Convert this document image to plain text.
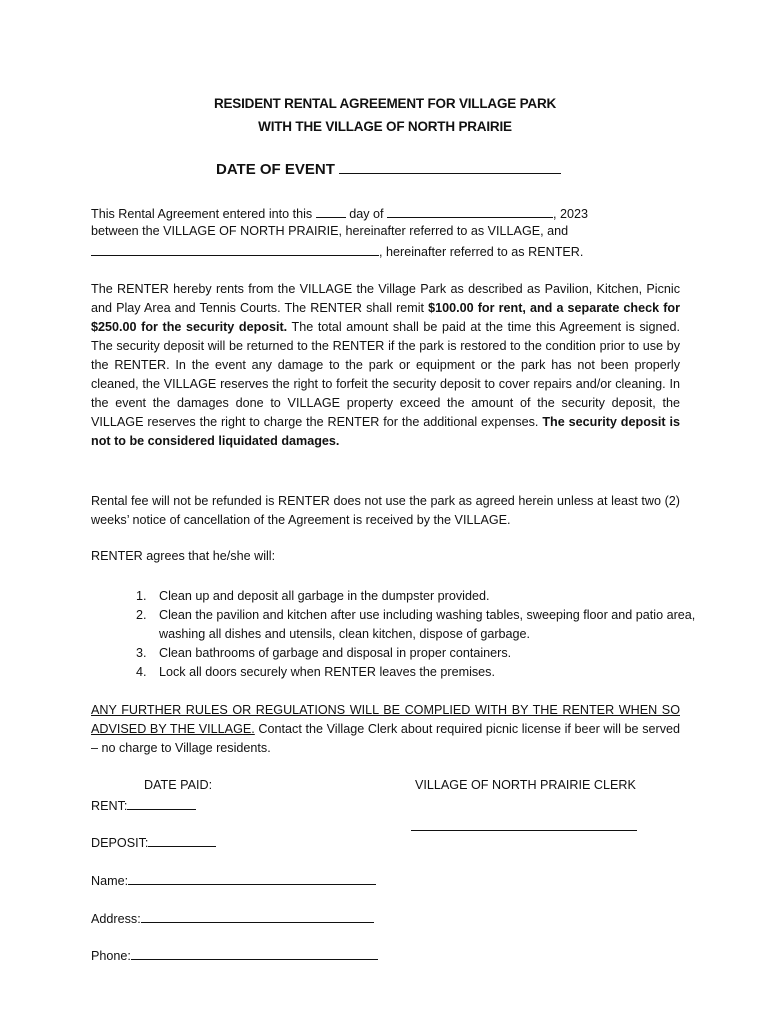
RESIDENT RENTAL AGREEMENT FOR VILLAGE PARK
WITH THE VILLAGE OF NORTH PRAIRIE
DATE OF EVENT
This Rental Agreement entered into this	day of	, 2023
between the VILLAGE OF NORTH PRAIRIE, hereinafter referred to as VILLAGE, and
, hereinafter referred to as RENTER.
The RENTER hereby rents from the VILLAGE the Village Park as described as Pavilion, Kitchen, Picnic and Play Area and Tennis Courts. The RENTER shall remit $100.00 for rent, and a separate check for $250.00 for the security deposit. The total amount shall be paid at the time this Agreement is signed. The security deposit will be returned to the RENTER if the park is restored to the condition prior to use by the RENTER. In the event any damage to the park or equipment or the park has not been properly cleaned, the VILLAGE reserves the right to forfeit the security deposit to cover repairs and/or cleaning. In the event the damages done to VILLAGE property exceed the amount of the security deposit, the VILLAGE reserves the right to charge the RENTER for the additional expenses. The security deposit is not to be considered liquidated damages.
Rental fee will not be refunded is RENTER does not use the park as agreed herein unless at least two (2) weeks’ notice of cancellation of the Agreement is received by the VILLAGE.
RENTER agrees that he/she will:
1. Clean up and deposit all garbage in the dumpster provided.
2. Clean the pavilion and kitchen after use including washing tables, sweeping floor and patio area, washing all dishes and utensils, clean kitchen, dispose of garbage.
3. Clean bathrooms of garbage and disposal in proper containers.
4. Lock all doors securely when RENTER leaves the premises.
ANY FURTHER RULES OR REGULATIONS WILL BE COMPLIED WITH BY THE RENTER WHEN SO ADVISED BY THE VILLAGE. Contact the Village Clerk about required picnic license if beer will be served – no charge to Village residents.
DATE PAID:	VILLAGE OF NORTH PRAIRIE CLERK
RENT:
DEPOSIT:
Name:
Address:
Phone:
